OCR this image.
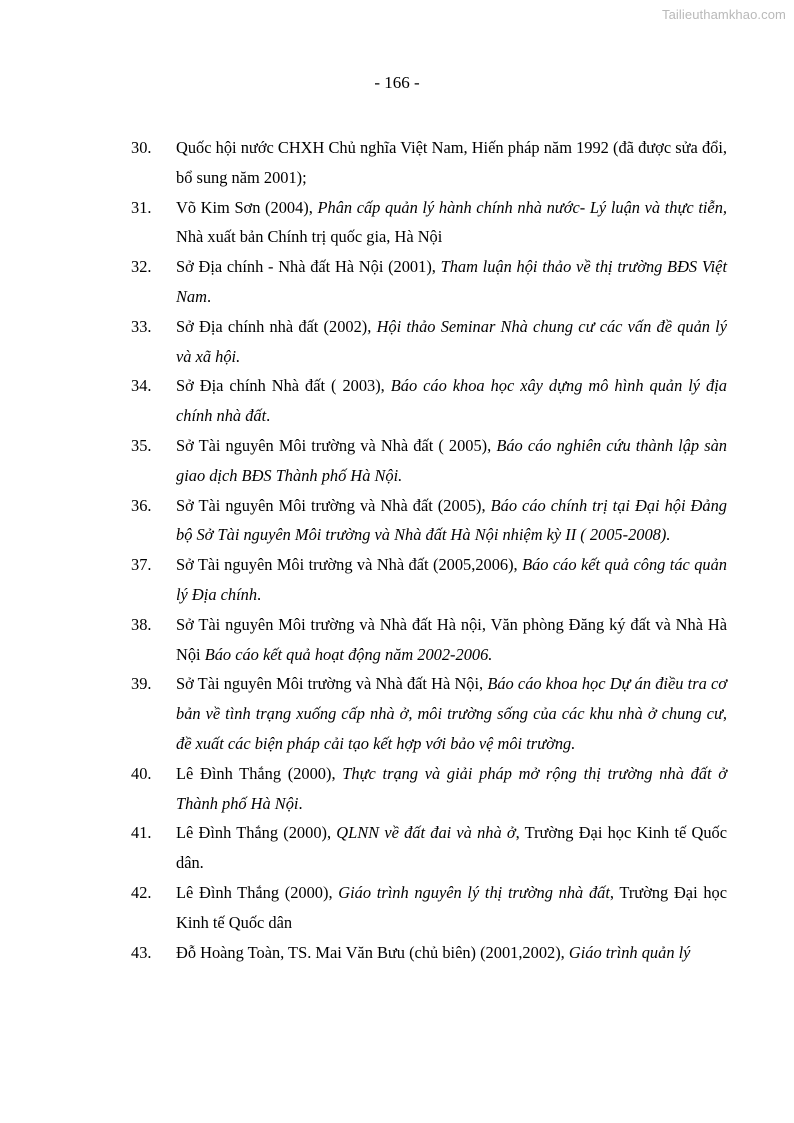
Tailieuthamkhao.com
- 166 -
30. Quốc hội nước CHXH Chủ nghĩa Việt Nam, Hiến pháp năm 1992 (đã được sửa đổi, bổ sung năm 2001);
31. Võ Kim Sơn (2004), Phân cấp quản lý hành chính nhà nước- Lý luận và thực tiễn, Nhà xuất bản Chính trị quốc gia, Hà Nội
32. Sở Địa chính - Nhà đất Hà Nội (2001), Tham luận hội thảo về thị trường BĐS Việt Nam.
33. Sở Địa chính nhà đất (2002), Hội thảo Seminar Nhà chung cư các vấn đề quản lý và xã hội.
34. Sở Địa chính Nhà đất ( 2003), Báo cáo khoa học xây dựng mô hình quản lý địa chính nhà đất.
35. Sở Tài nguyên Môi trường và Nhà đất ( 2005), Báo cáo nghiên cứu thành lập sàn giao dịch BĐS Thành phố Hà Nội.
36. Sở Tài nguyên Môi trường và Nhà đất (2005), Báo cáo chính trị tại Đại hội Đảng bộ Sở Tài nguyên Môi trường và Nhà đất Hà Nội nhiệm kỳ II ( 2005-2008).
37. Sở Tài nguyên Môi trường và Nhà đất (2005,2006), Báo cáo kết quả công tác quản lý Địa chính.
38. Sở Tài nguyên Môi trường và Nhà đất Hà nội, Văn phòng Đăng ký đất và Nhà Hà Nội Báo cáo kết quả hoạt động năm 2002-2006.
39. Sở Tài nguyên Môi trường và Nhà đất Hà Nội, Báo cáo khoa học Dự án điều tra cơ bản về tình trạng xuống cấp nhà ở, môi trường sống của các khu nhà ở chung cư, đề xuất các biện pháp cải tạo kết hợp với bảo vệ môi trường.
40. Lê Đình Thắng (2000), Thực trạng và giải pháp mở rộng thị trường nhà đất ở Thành phố Hà Nội.
41. Lê Đình Thắng (2000), QLNN về đất đai và nhà ở, Trường Đại học Kinh tế Quốc dân.
42. Lê Đình Thắng (2000), Giáo trình nguyên lý thị trường nhà đất, Trường Đại học Kinh tế Quốc dân
43. Đỗ Hoàng Toàn, TS. Mai Văn Bưu (chủ biên) (2001,2002), Giáo trình quản lý
